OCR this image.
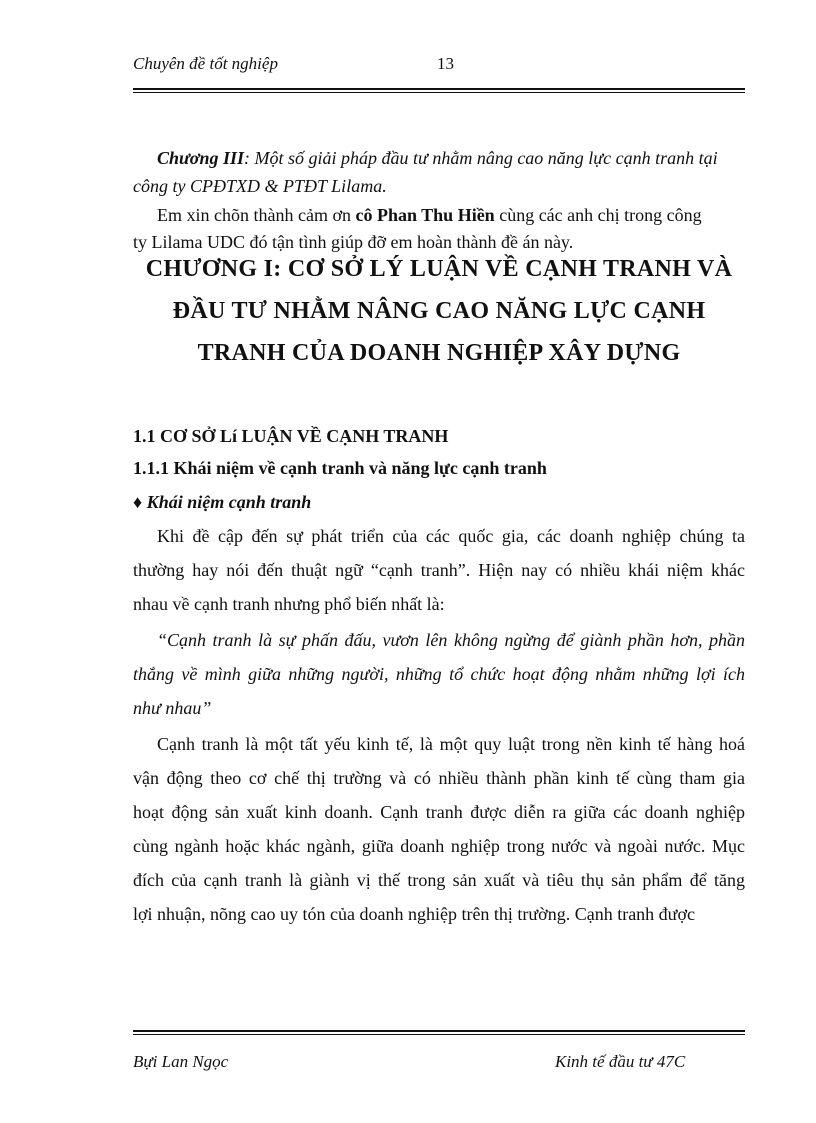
Chuyên đề tốt nghiệp	13
Chương III: Một số giải pháp đầu tư nhằm nâng cao năng lực cạnh tranh tại
công ty CPĐTXD & PTĐT Lilama.
Em xin chõn thành cảm ơn cô Phan Thu Hiền cùng các anh chị trong công
ty Lilama UDC đó tận tình giúp đỡ em hoàn thành đề án này.
CHƯƠNG I: CƠ SỞ LÝ LUẬN VỀ CẠNH TRANH VÀ
ĐẦU TƯ NHẰM NÂNG CAO NĂNG LỰC CẠNH
TRANH CỦA DOANH NGHIỆP XÂY DỰNG
1.1 CƠ SỞ Lí LUẬN VỀ CẠNH TRANH
1.1.1 Khái niệm về cạnh tranh và năng lực cạnh tranh
♦ Khái niệm cạnh tranh
Khi đề cập đến sự phát triển của các quốc gia, các doanh nghiệp chúng ta
thường hay nói đến thuật ngữ “cạnh tranh”. Hiện nay có nhiều khái niệm khác
nhau về cạnh tranh nhưng phổ biến nhất là:
“Cạnh tranh là sự phấn đấu, vươn lên không ngừng để giành phần hơn, phần
thắng về mình giữa những người, những tổ chức hoạt động nhằm những lợi ích
như nhau”
Cạnh tranh là một tất yếu kinh tế, là một quy luật trong nền kinh tế hàng hoá
vận động theo cơ chế thị trường và có nhiều thành phần kinh tế cùng tham gia
hoạt động sản xuất kinh doanh. Cạnh tranh được diễn ra giữa các doanh nghiệp
cùng ngành hoặc khác ngành, giữa doanh nghiệp trong nước và ngoài nước. Mục
đích của cạnh tranh là giành vị thế trong sản xuất và tiêu thụ sản phẩm để tăng
lợi nhuận, nõng cao uy tón của doanh nghiệp trên thị trường. Cạnh tranh được
Bựi Lan Ngọc	Kinh tế đầu tư 47C
